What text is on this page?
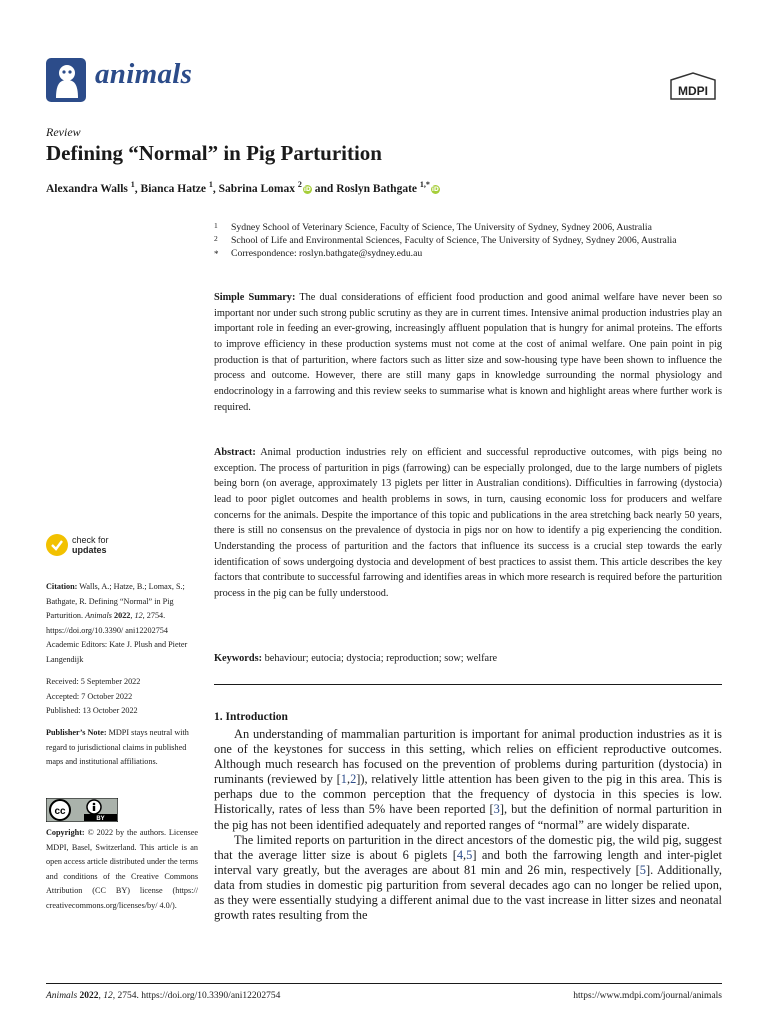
animals
MDPI
Review
Defining “Normal” in Pig Parturition
Alexandra Walls $^1$, Bianca Hatze $^1$, Sabrina Lomax $^2$iD and Roslyn Bathgate $^{1,*}$iD
1 Sydney School of Veterinary Science, Faculty of Science, The University of Sydney, Sydney 2006, Australia
2 School of Life and Environmental Sciences, Faculty of Science, The University of Sydney, Sydney 2006, Australia
* Correspondence: roslyn.bathgate@sydney.edu.au
Simple Summary: The dual considerations of efficient food production and good animal welfare have never been so important nor under such strong public scrutiny as they are in current times. Intensive animal production industries play an important role in feeding an ever-growing, increasingly affluent population that is hungry for animal proteins. The efforts to improve efficiency in these production systems must not come at the cost of animal welfare. One pain point in pig production is that of parturition, where factors such as litter size and sow-housing type have been shown to influence the process and outcome. However, there are still many gaps in knowledge surrounding the normal physiology and endocrinology in a farrowing and this review seeks to summarise what is known and highlight areas where further work is required.
Abstract: Animal production industries rely on efficient and successful reproductive outcomes, with pigs being no exception. The process of parturition in pigs (farrowing) can be especially prolonged, due to the large numbers of piglets being born (on average, approximately 13 piglets per litter in Australian conditions). Difficulties in farrowing (dystocia) lead to poor piglet outcomes and health problems in sows, in turn, causing economic loss for producers and welfare concerns for the animals. Despite the importance of this topic and publications in the area stretching back nearly 50 years, there is still no consensus on the prevalence of dystocia in pigs nor on how to identify a pig experiencing the condition. Understanding the process of parturition and the factors that influence its success is a crucial step towards the early identification of sows undergoing dystocia and development of best practices to assist them. This article describes the key factors that contribute to successful farrowing and identifies areas in which more research is required before the parturition process in the pig can be fully understood.
Keywords: behaviour; eutocia; dystocia; reproduction; sow; welfare
1. Introduction

An understanding of mammalian parturition is important for animal production industries as it is one of the keystones for success in this setting, which relies on efficient reproductive outcomes. Although much research has focused on the prevention of problems during parturition (dystocia) in ruminants (reviewed by [1,2]), relatively little attention has been given to the pig in this area. This is perhaps due to the common perception that the frequency of dystocia in this species is low. Historically, rates of less than 5% have been reported [3], but the definition of normal parturition in the pig has not been identified adequately and reported ranges of “normal” are widely disparate.

The limited reports on parturition in the direct ancestors of the domestic pig, the wild pig, suggest that the average litter size is about 6 piglets [4,5] and both the farrowing length and inter-piglet interval vary greatly, but the averages are about 81 min and 26 min, respectively [5]. Additionally, data from studies in domestic pig parturition from several decades ago can no longer be relied upon, as they were essentially studying a different animal due to the vast increase in litter sizes and neonatal growth rates resulting from the

check for
updates
Citation: Walls, A.; Hatze, B.; Lomax, S.; Bathgate, R. Defining “Normal” in Pig Parturition. Animals 2022, 12, 2754. https://doi.org/10.3390/ ani12202754
Academic Editors: Kate J. Plush and Pieter Langendijk
Received: 5 September 2022
Accepted: 7 October 2022
Published: 13 October 2022
Publisher’s Note: MDPI stays neutral with regard to jurisdictional claims in published maps and institutional affiliations.
cc
BY
Copyright: © 2022 by the authors. Licensee MDPI, Basel, Switzerland. This article is an open access article distributed under the terms and conditions of the Creative Commons Attribution (CC BY) license (https:// creativecommons.org/licenses/by/ 4.0/).
Animals 2022, 12, 2754. https://doi.org/10.3390/ani12202754	https://www.mdpi.com/journal/animals
